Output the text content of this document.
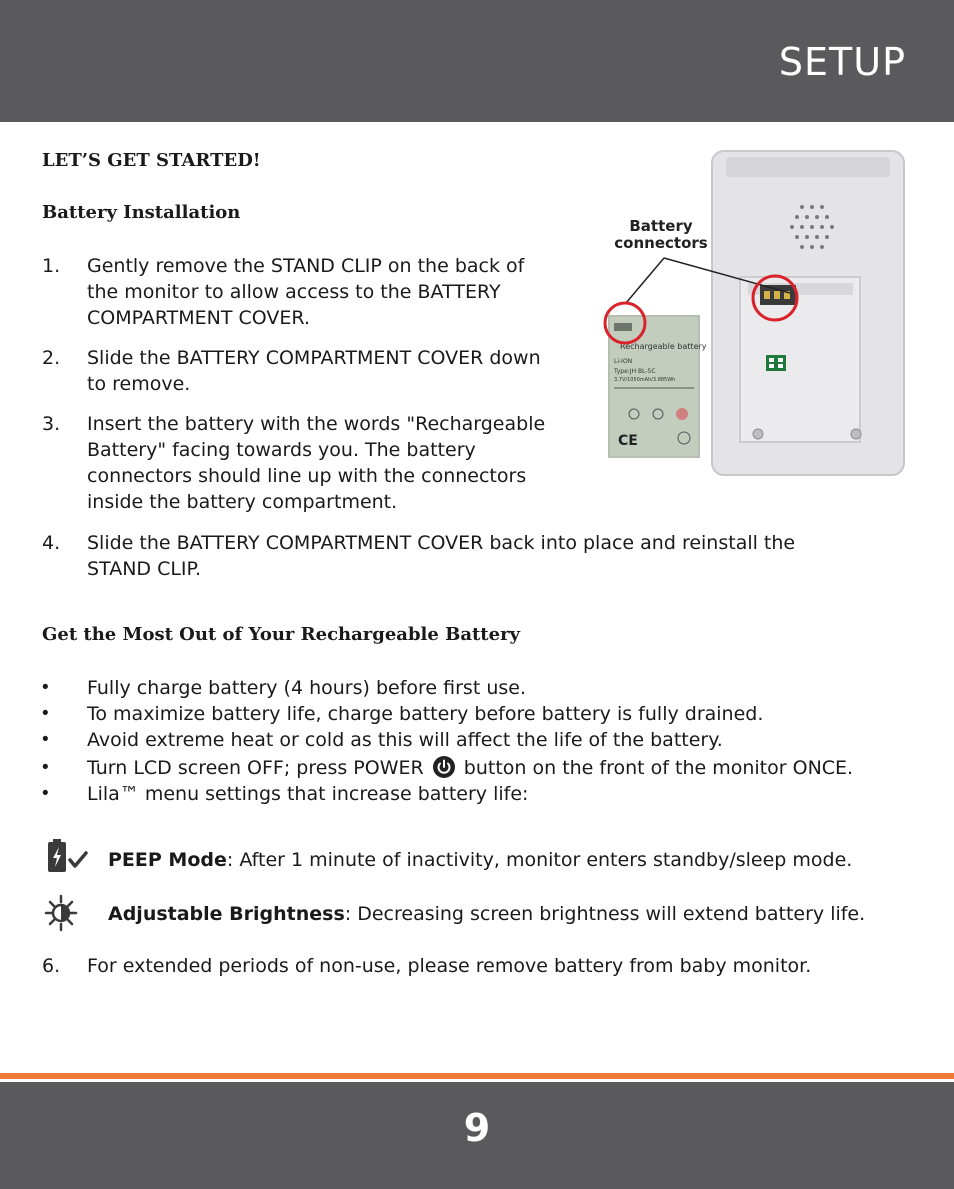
SETUP
LET’S GET STARTED!
Battery Installation
1. Gently remove the STAND CLIP on the back of
the monitor to allow access to the BATTERY
COMPARTMENT COVER.
2. Slide the BATTERY COMPARTMENT COVER down
to remove.
3. Insert the battery with the words "Rechargeable
Battery" facing towards you. The battery
connectors should line up with the connectors
inside the battery compartment.
4. Slide the BATTERY COMPARTMENT COVER back into place and reinstall the
STAND CLIP.
Rechargeable battery
Li-ION
Type:JH BL-5C
3.7V/1050mAh/3.885Wh
CE
Battery
connectors
Get the Most Out of Your Rechargeable Battery
• Fully charge battery (4 hours) before first use.
• To maximize battery life, charge battery before battery is fully drained.
• Avoid extreme heat or cold as this will affect the life of the battery.
• Turn LCD screen OFF; press POWER button on the front of the monitor ONCE.
• Lila™ menu settings that increase battery life:
PEEP Mode: After 1 minute of inactivity, monitor enters standby/sleep mode.
Adjustable Brightness: Decreasing screen brightness will extend battery life.
6. For extended periods of non-use, please remove battery from baby monitor.
9
